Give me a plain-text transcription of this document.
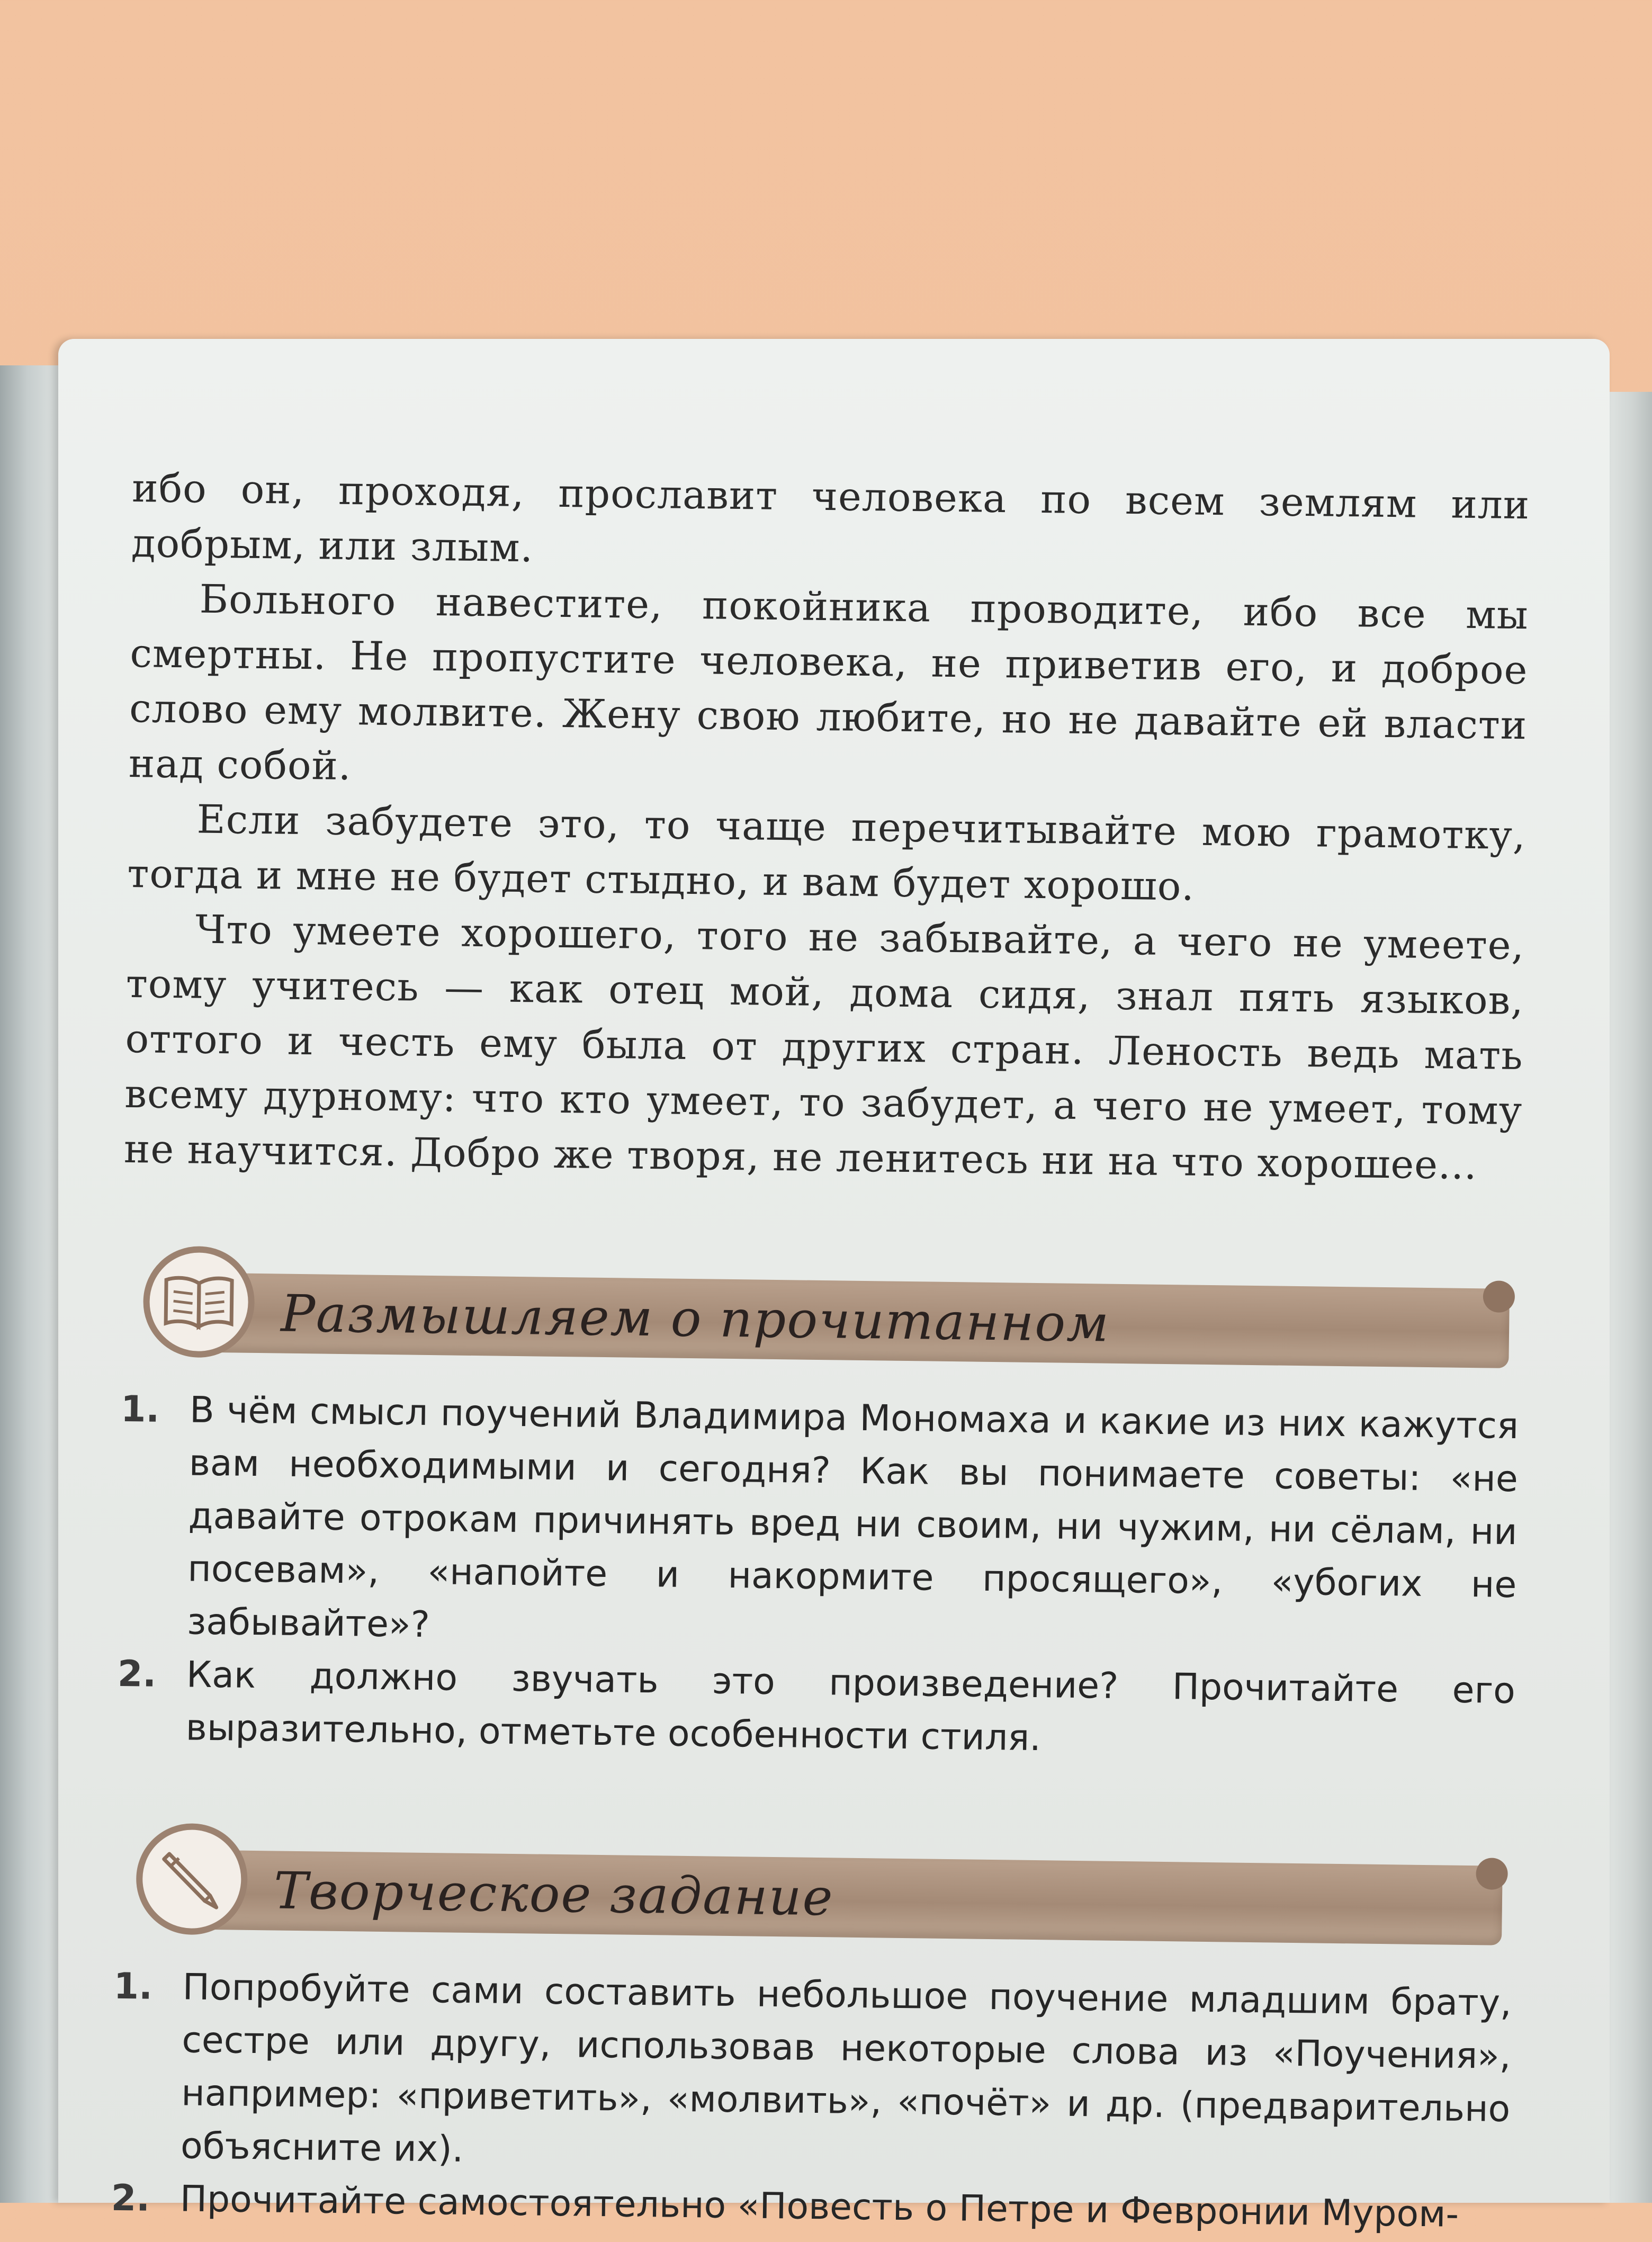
ибо он, проходя, прославит человека по всем землям или добрым, или злым.

Больного навестите, покойника проводите, ибо все мы смертны. Не пропустите человека, не приветив его, и доброе слово ему молвите. Жену свою любите, но не давайте ей власти над собой.

Если забудете это, то чаще перечитывайте мою грамотку, тогда и мне не будет стыдно, и вам будет хорошо.

Что умеете хорошего, того не забывайте, а чего не умеете, тому учитесь — как отец мой, дома сидя, знал пять языков, оттого и честь ему была от других стран. Леность ведь мать всему дурному: что кто умеет, то забудет, а чего не умеет, тому не научится. Добро же творя, не ленитесь ни на что хорошее...

Размышляем о прочитанном
1. В чём смысл поучений Владимира Мономаха и какие из них кажутся вам необходимыми и сегодня? Как вы понимаете советы: «не давайте отрокам причинять вред ни своим, ни чужим, ни сёлам, ни посевам», «напойте и накормите просящего», «убогих не забывайте»?
2. Как должно звучать это произведение? Прочитайте его выразительно, отметьте особенности стиля.
Творческое задание
1. Попробуйте сами составить небольшое поучение младшим брату, сестре или другу, использовав некоторые слова из «Поучения», например: «приветить», «молвить», «почёт» и др. (предварительно объясните их).
2. Прочитайте самостоятельно «Повесть о Петре и Февронии Муром-
